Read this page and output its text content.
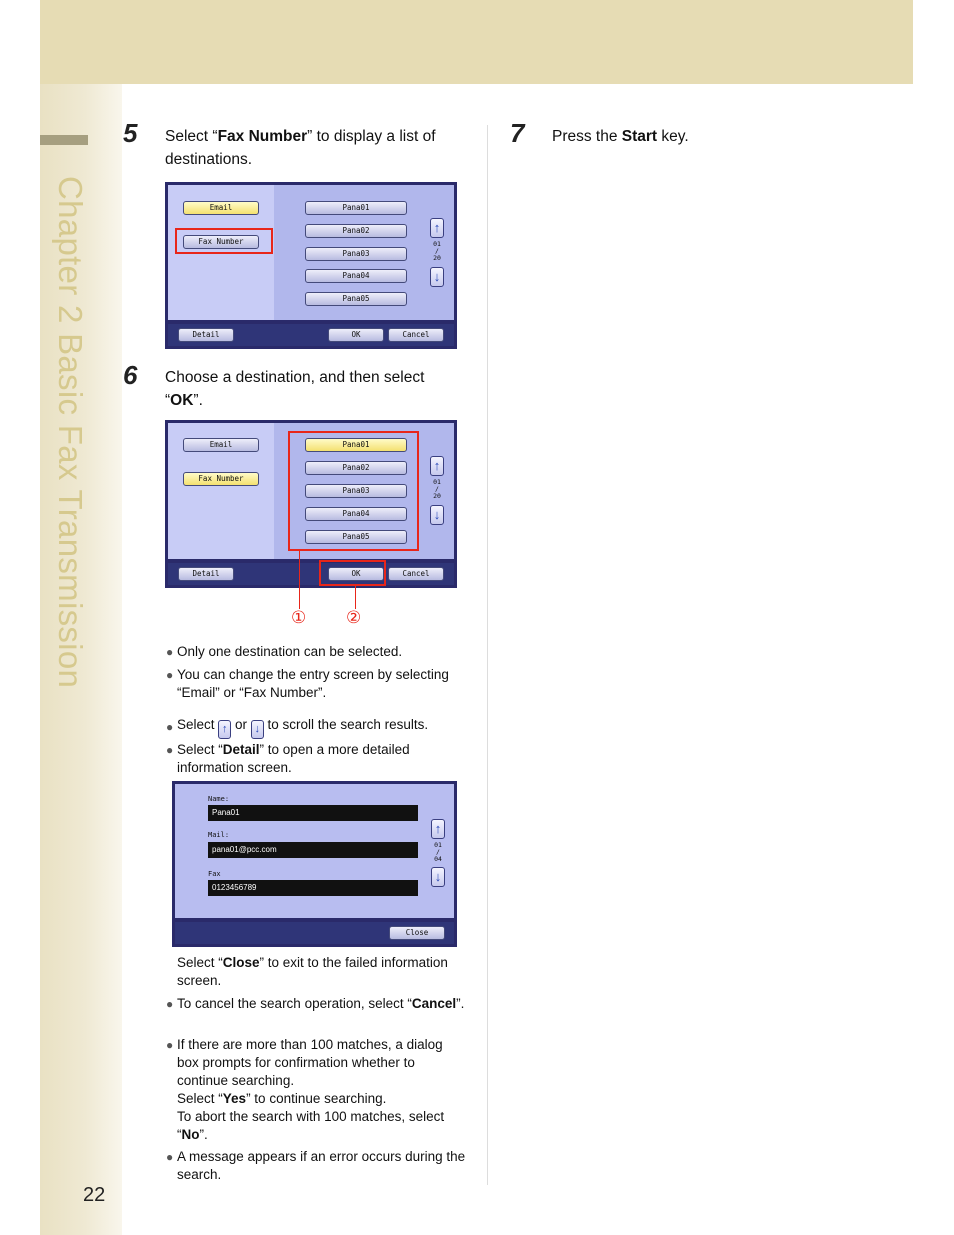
Chapter 2 Basic Fax Transmission
22
5 Select “Fax Number” to display a list of destinations.
Email
Fax Number
Pana01
Pana02
Pana03
Pana04
Pana05
↑
01
/
20
↓
Detail	OK	Cancel
6 Choose a destination, and then select “OK”.
Email
Fax Number
Pana01
Pana02
Pana03
Pana04
Pana05
↑
01
/
20
↓
Detail	OK	Cancel
① ②
● Only one destination can be selected.
● You can change the entry screen by selecting “Email” or “Fax Number”.
● Select ↑ or ↓ to scroll the search results.
● Select “Detail” to open a more detailed information screen.
Name:
Pana01
Mail:
pana01@pcc.com
Fax
0123456789
↑
01
/
04
↓
Close
Select “Close” to exit to the failed information screen.
● To cancel the search operation, select “Cancel”.
● If there are more than 100 matches, a dialog box prompts for confirmation whether to continue searching.
Select “Yes” to continue searching.
To abort the search with 100 matches, select “No”.
● A message appears if an error occurs during the search.
7 Press the Start key.
